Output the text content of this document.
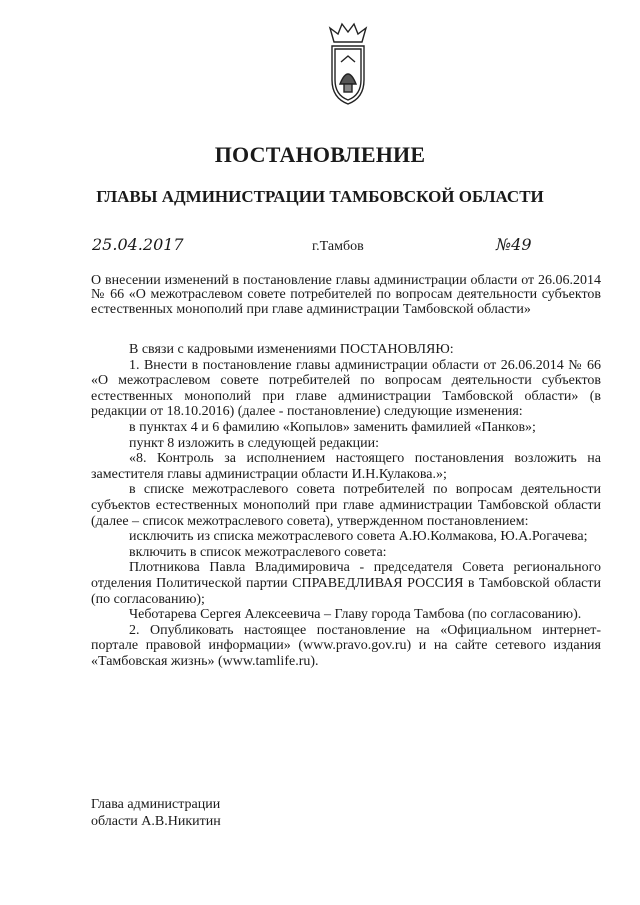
ПОСТАНОВЛЕНИЕ
ГЛАВЫ АДМИНИСТРАЦИИ ТАМБОВСКОЙ ОБЛАСТИ
25.04.2017	г.Тамбов	№49
О внесении изменений в постановление главы администрации области от 26.06.2014 № 66 «О межотраслевом совете потребителей по вопросам деятельности субъектов естественных монополий при главе администрации Тамбовской области»

В связи с кадровыми изменениями ПОСТАНОВЛЯЮ:

1. Внести в постановление главы администрации области от 26.06.2014 № 66 «О межотраслевом совете потребителей по вопросам деятельности субъектов естественных монополий при главе администрации Тамбовской области» (в редакции от 18.10.2016) (далее - постановление) следующие изменения:

в пунктах 4 и 6 фамилию «Копылов» заменить фамилией «Панков»;

пункт 8 изложить в следующей редакции:

«8. Контроль за исполнением настоящего постановления возложить на заместителя главы администрации области И.Н.Кулакова.»;

в списке межотраслевого совета потребителей по вопросам деятельности субъектов естественных монополий при главе администрации Тамбовской области (далее – список межотраслевого совета), утвержденном постановлением:

исключить из списка межотраслевого совета А.Ю.Колмакова, Ю.А.Рогачева;

включить в список межотраслевого совета:

Плотникова Павла Владимировича - председателя Совета регионального отделения Политической партии СПРАВЕДЛИВАЯ РОССИЯ в Тамбовской области (по согласованию);

Чеботарева Сергея Алексеевича – Главу города Тамбова (по согласованию).

2. Опубликовать настоящее постановление на «Официальном интернет-портале правовой информации» (www.pravo.gov.ru) и на сайте сетевого издания «Тамбовская жизнь» (www.tamlife.ru).

Глава администрации
области А.В.Никитин
